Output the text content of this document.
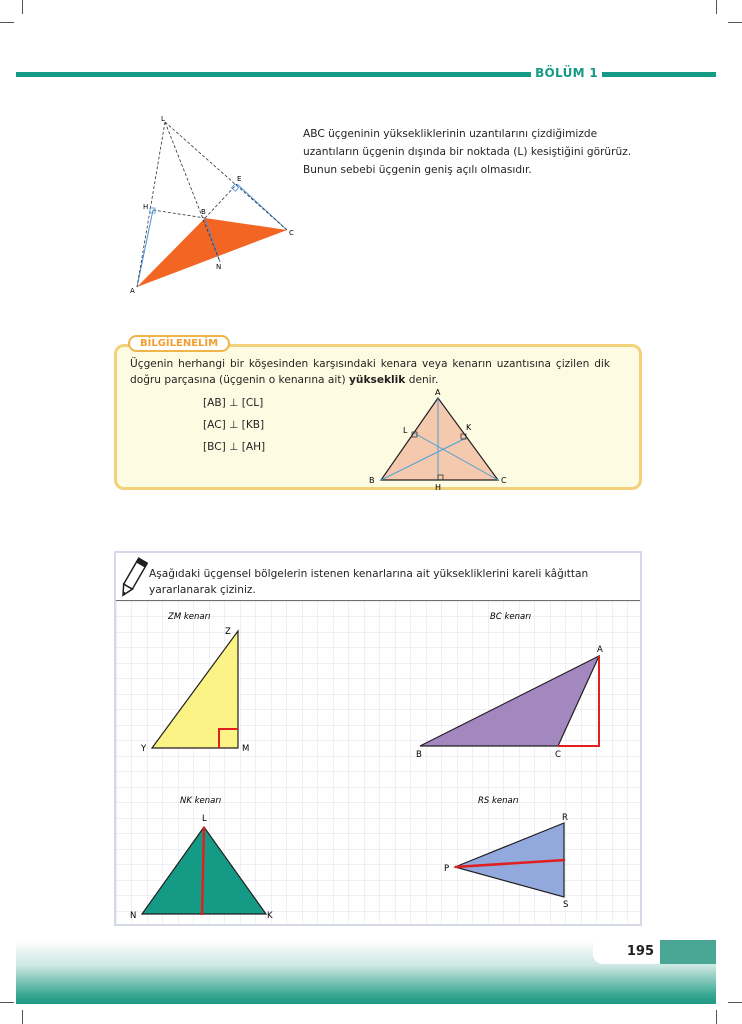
BÖLÜM 1
L
E
H
B
C
N
A
ABC üçgeninin yüksekliklerinin uzantılarını çizdiğimizde uzantıların üçgenin dışında bir noktada (L) kesiştiğini görürüz. Bunun sebebi üçgenin geniş açılı olmasıdır.
BİLGİLENELİM
Üçgenin herhangi bir köşesinden karşısındaki kenara veya kenarın uzantısına çizilen dik doğru parçasına (üçgenin o kenarına ait) yükseklik denir.
[AB] ⊥ [CL]
[AC] ⊥ [KB]
[BC] ⊥ [AH]
A
L	K
B	C
H
Aşağıdaki üçgensel bölgelerin istenen kenarlarına ait yüksekliklerini kareli kâğıttan yararlanarak çiziniz.
ZM kenarı
Z
Y	M
BC kenarı
A
B	C
NK kenarı
L
N	K
RS kenarı
R
P
S
195
